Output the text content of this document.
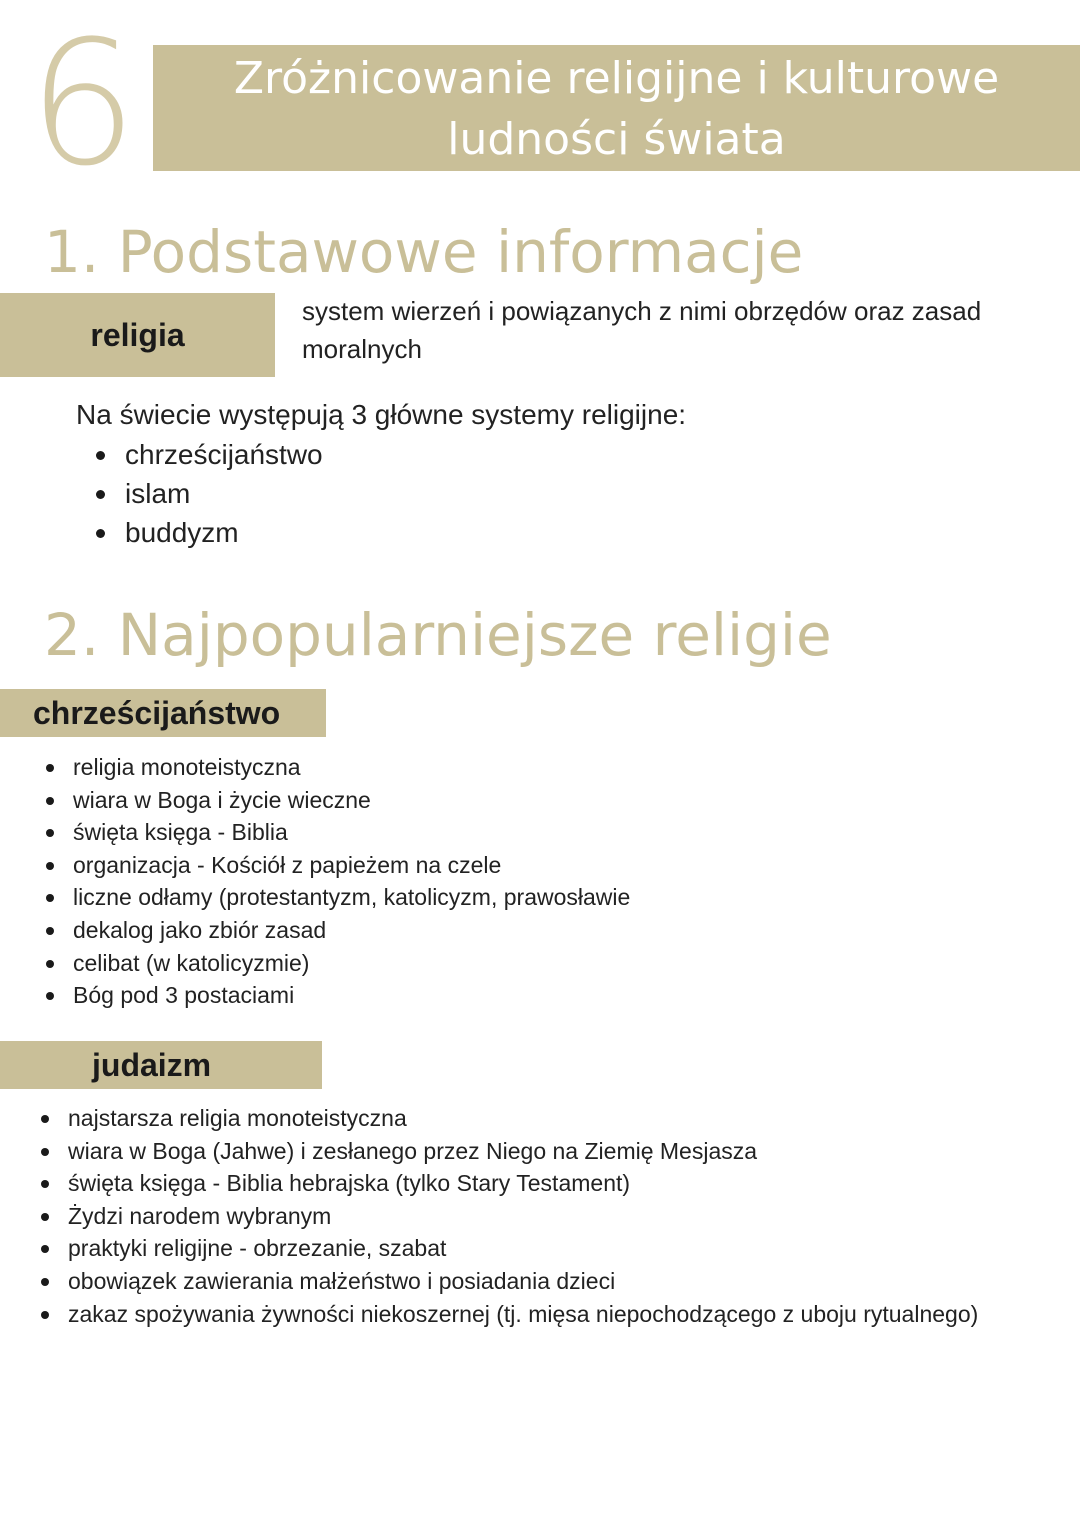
6	Zróżnicowanie religijne i kulturowe
ludności świata
1. Podstawowe informacje
religia
system wierzeń i powiązanych z nimi obrzędów oraz zasad moralnych

Na świecie występują 3 główne systemy religijne:

chrześcijaństwo
islam
buddyzm
2. Najpopularniejsze religie
chrześcijaństwo
religia monoteistyczna
wiara w Boga i życie wieczne
święta księga - Biblia
organizacja - Kościół z papieżem na czele
liczne odłamy (protestantyzm, katolicyzm, prawosławie
dekalog jako zbiór zasad
celibat (w katolicyzmie)
Bóg pod 3 postaciami
judaizm
najstarsza religia monoteistyczna
wiara w Boga (Jahwe) i zesłanego przez Niego na Ziemię Mesjasza
święta księga - Biblia hebrajska (tylko Stary Testament)
Żydzi narodem wybranym
praktyki religijne - obrzezanie, szabat
obowiązek zawierania małżeństwo i posiadania dzieci
zakaz spożywania żywności niekoszernej (tj. mięsa niepochodzącego z uboju rytualnego)
